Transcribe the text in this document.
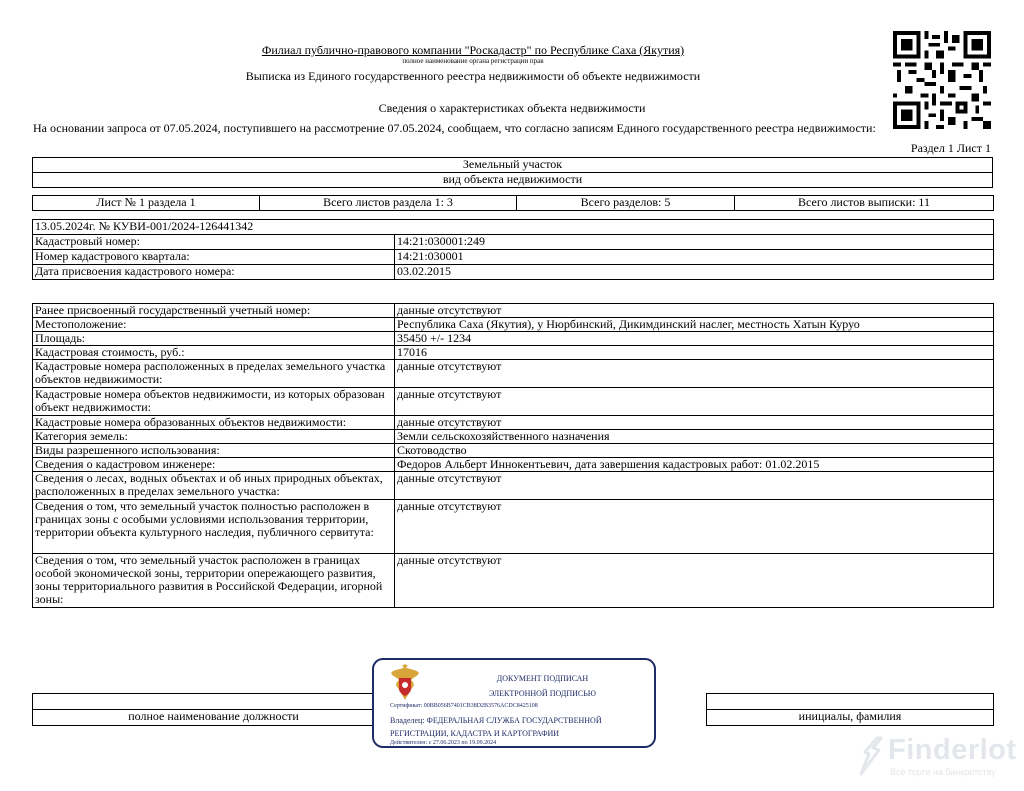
Филиал публично-правового компании "Роскадастр" по Республике Саха (Якутия)
полное наименование органа регистрации прав
Выписка из Единого государственного реестра недвижимости об объекте недвижимости
Сведения о характеристиках объекта недвижимости
На основании запроса от 07.05.2024, поступившего на рассмотрение 07.05.2024, сообщаем, что согласно записям Единого государственного реестра недвижимости:
Раздел 1 Лист 1
Земельный участок
вид объекта недвижимости
Лист № 1 раздела 1	Всего листов раздела 1: 3	Всего разделов: 5	Всего листов выписки: 11
13.05.2024г. № КУВИ-001/2024-126441342	
Кадастровый номер:	14:21:030001:249
Номер кадастрового квартала:	14:21:030001
Дата присвоения кадастрового номера:	03.02.2015
Ранее присвоенный государственный учетный номер:	данные отсутствуют
Местоположение:	Республика Саха (Якутия), у Нюрбинский, Дикимдинский наслег, местность Хатын Куруо
Площадь:	35450 +/- 1234
Кадастровая стоимость, руб.:	17016
Кадастровые номера расположенных в пределах земельного участка объектов недвижимости:	данные отсутствуют
Кадастровые номера объектов недвижимости, из которых образован объект недвижимости:	данные отсутствуют
Кадастровые номера образованных объектов недвижимости:	данные отсутствуют
Категория земель:	Земли сельскохозяйственного назначения
Виды разрешенного использования:	Скотоводство
Сведения о кадастровом инженере:	Федоров Альберт Иннокентьевич, дата завершения кадастровых работ: 01.02.2015
Сведения о лесах, водных объектах и об иных природных объектах, расположенных в пределах земельного участка:	данные отсутствуют
Сведения о том, что земельный участок полностью расположен в границах зоны с особыми условиями использования территории, территории объекта культурного наследия, публичного сервитута:	данные отсутствуют
Сведения о том, что земельный участок расположен в границах особой экономической зоны, территории опережающего развития, зоны территориального развития в Российской Федерации, игорной зоны:	данные отсутствуют

полное наименование должности		инициалы, фамилия
ДОКУМЕНТ ПОДПИСАН
ЭЛЕКТРОННОЙ ПОДПИСЬЮ
Сертификат: 00BB056B7401CB38D2B3576ACDC8425108
Владелец: ФЕДЕРАЛЬНАЯ СЛУЖБА ГОСУДАРСТВЕННОЙ
РЕГИСТРАЦИИ, КАДАСТРА И КАРТОГРАФИИ
Действителен: с 27.06.2023 по 19.09.2024	Finderlot
Все торги на банкротству
